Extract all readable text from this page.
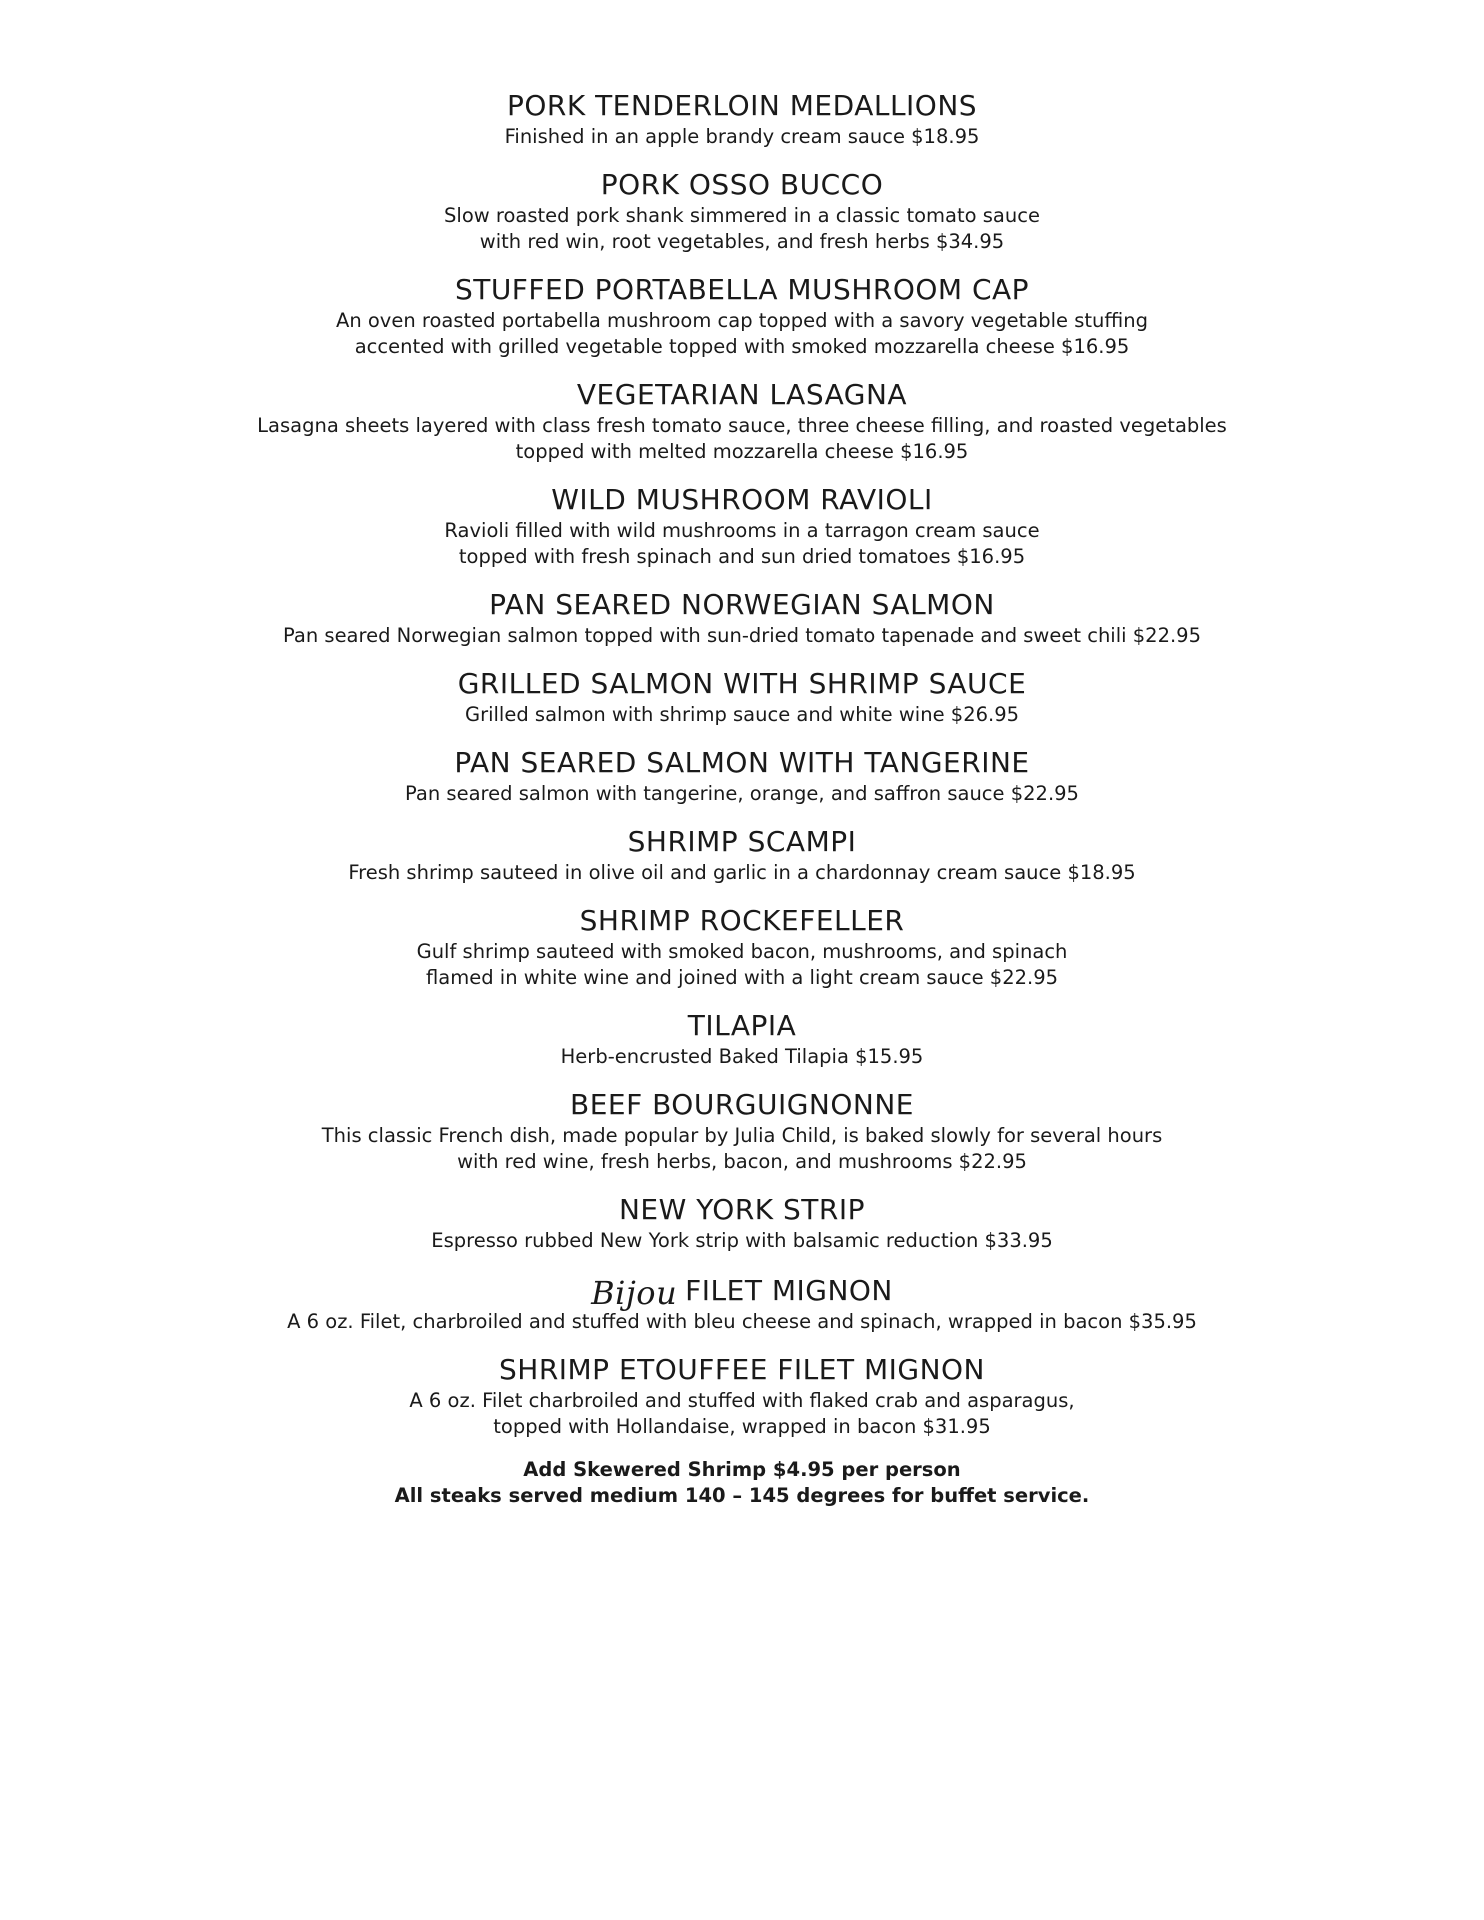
PORK TENDERLOIN MEDALLIONS
Finished in an apple brandy cream sauce $18.95
PORK OSSO BUCCO
Slow roasted pork shank simmered in a classic tomato sauce
with red win, root vegetables, and fresh herbs $34.95
STUFFED PORTABELLA MUSHROOM CAP
An oven roasted portabella mushroom cap topped with a savory vegetable stuffing
accented with grilled vegetable topped with smoked mozzarella cheese $16.95
VEGETARIAN LASAGNA
Lasagna sheets layered with class fresh tomato sauce, three cheese filling, and roasted vegetables
topped with melted mozzarella cheese $16.95
WILD MUSHROOM RAVIOLI
Ravioli filled with wild mushrooms in a tarragon cream sauce
topped with fresh spinach and sun dried tomatoes $16.95
PAN SEARED NORWEGIAN SALMON
Pan seared Norwegian salmon topped with sun-dried tomato tapenade and sweet chili $22.95
GRILLED SALMON WITH SHRIMP SAUCE
Grilled salmon with shrimp sauce and white wine $26.95
PAN SEARED SALMON WITH TANGERINE
Pan seared salmon with tangerine, orange, and saffron sauce $22.95
SHRIMP SCAMPI
Fresh shrimp sauteed in olive oil and garlic in a chardonnay cream sauce $18.95
SHRIMP ROCKEFELLER
Gulf shrimp sauteed with smoked bacon, mushrooms, and spinach
flamed in white wine and joined with a light cream sauce $22.95
TILAPIA
Herb-encrusted Baked Tilapia $15.95
BEEF BOURGUIGNONNE
This classic French dish, made popular by Julia Child, is baked slowly for several hours
with red wine, fresh herbs, bacon, and mushrooms $22.95
NEW YORK STRIP
Espresso rubbed New York strip with balsamic reduction $33.95
Bijou FILET MIGNON
A 6 oz. Filet, charbroiled and stuffed with bleu cheese and spinach, wrapped in bacon $35.95
SHRIMP ETOUFFEE FILET MIGNON
A 6 oz. Filet charbroiled and stuffed with flaked crab and asparagus,
topped with Hollandaise, wrapped in bacon $31.95
Add Skewered Shrimp $4.95 per person
All steaks served medium 140 – 145 degrees for buffet service.
